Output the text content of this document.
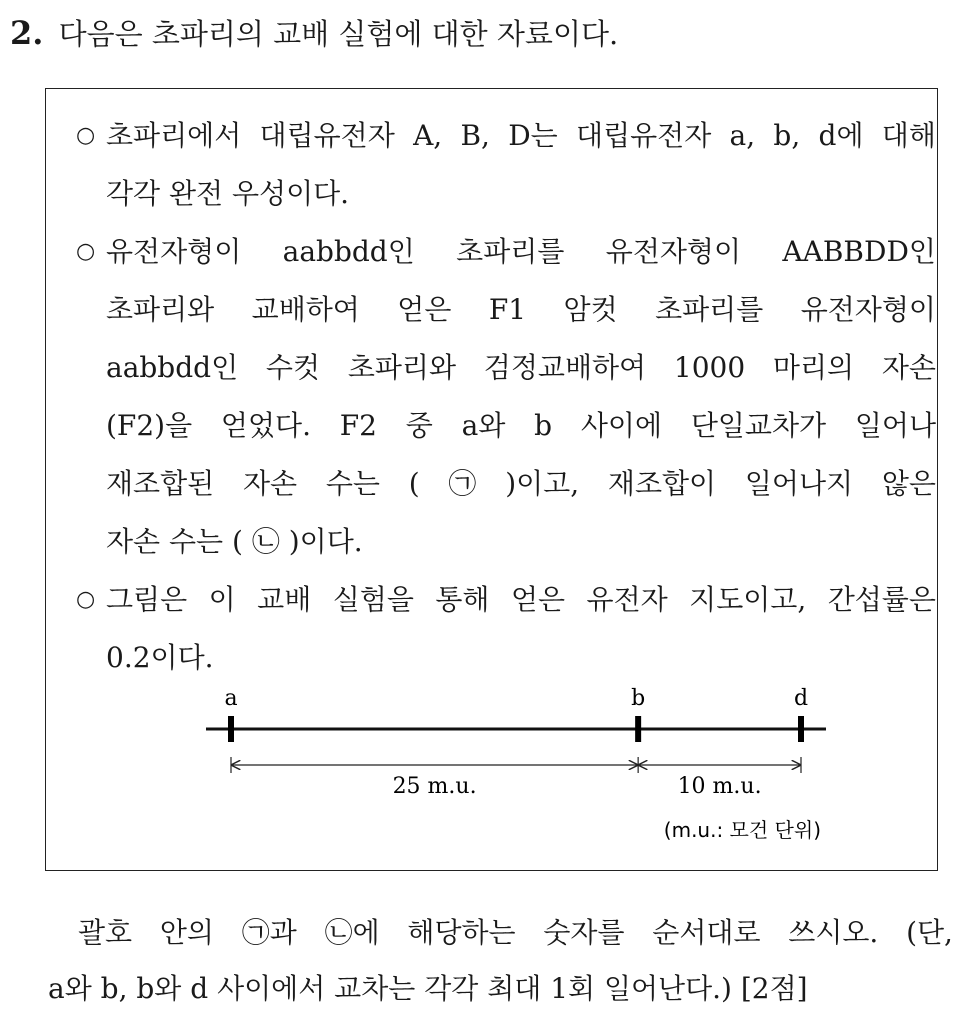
2. 다음은 초파리의 교배 실험에 대한 자료이다.
○ 초파리에서 대립유전자 A, B, D는 대립유전자 a, b, d에 대해
각각 완전 우성이다.
○ 유전자형이 aabbdd인 초파리를 유전자형이 AABBDD인
초파리와 교배하여 얻은 F1 암컷 초파리를 유전자형이
aabbdd인 수컷 초파리와 검정교배하여 1000 마리의 자손
(F2)을 얻었다. F2 중 a와 b 사이에 단일교차가 일어나
재조합된 자손 수는 ( ㉠ )이고, 재조합이 일어나지 않은
자손 수는 ( ㉡ )이다.
○ 그림은 이 교배 실험을 통해 얻은 유전자 지도이고, 간섭률은
0.2이다.
a	b	d
25 m.u.	10 m.u.
(m.u.: 모건 단위)
괄호 안의 ㉠과 ㉡에 해당하는 숫자를 순서대로 쓰시오. (단,
a와 b, b와 d 사이에서 교차는 각각 최대 1회 일어난다.) [2점]
